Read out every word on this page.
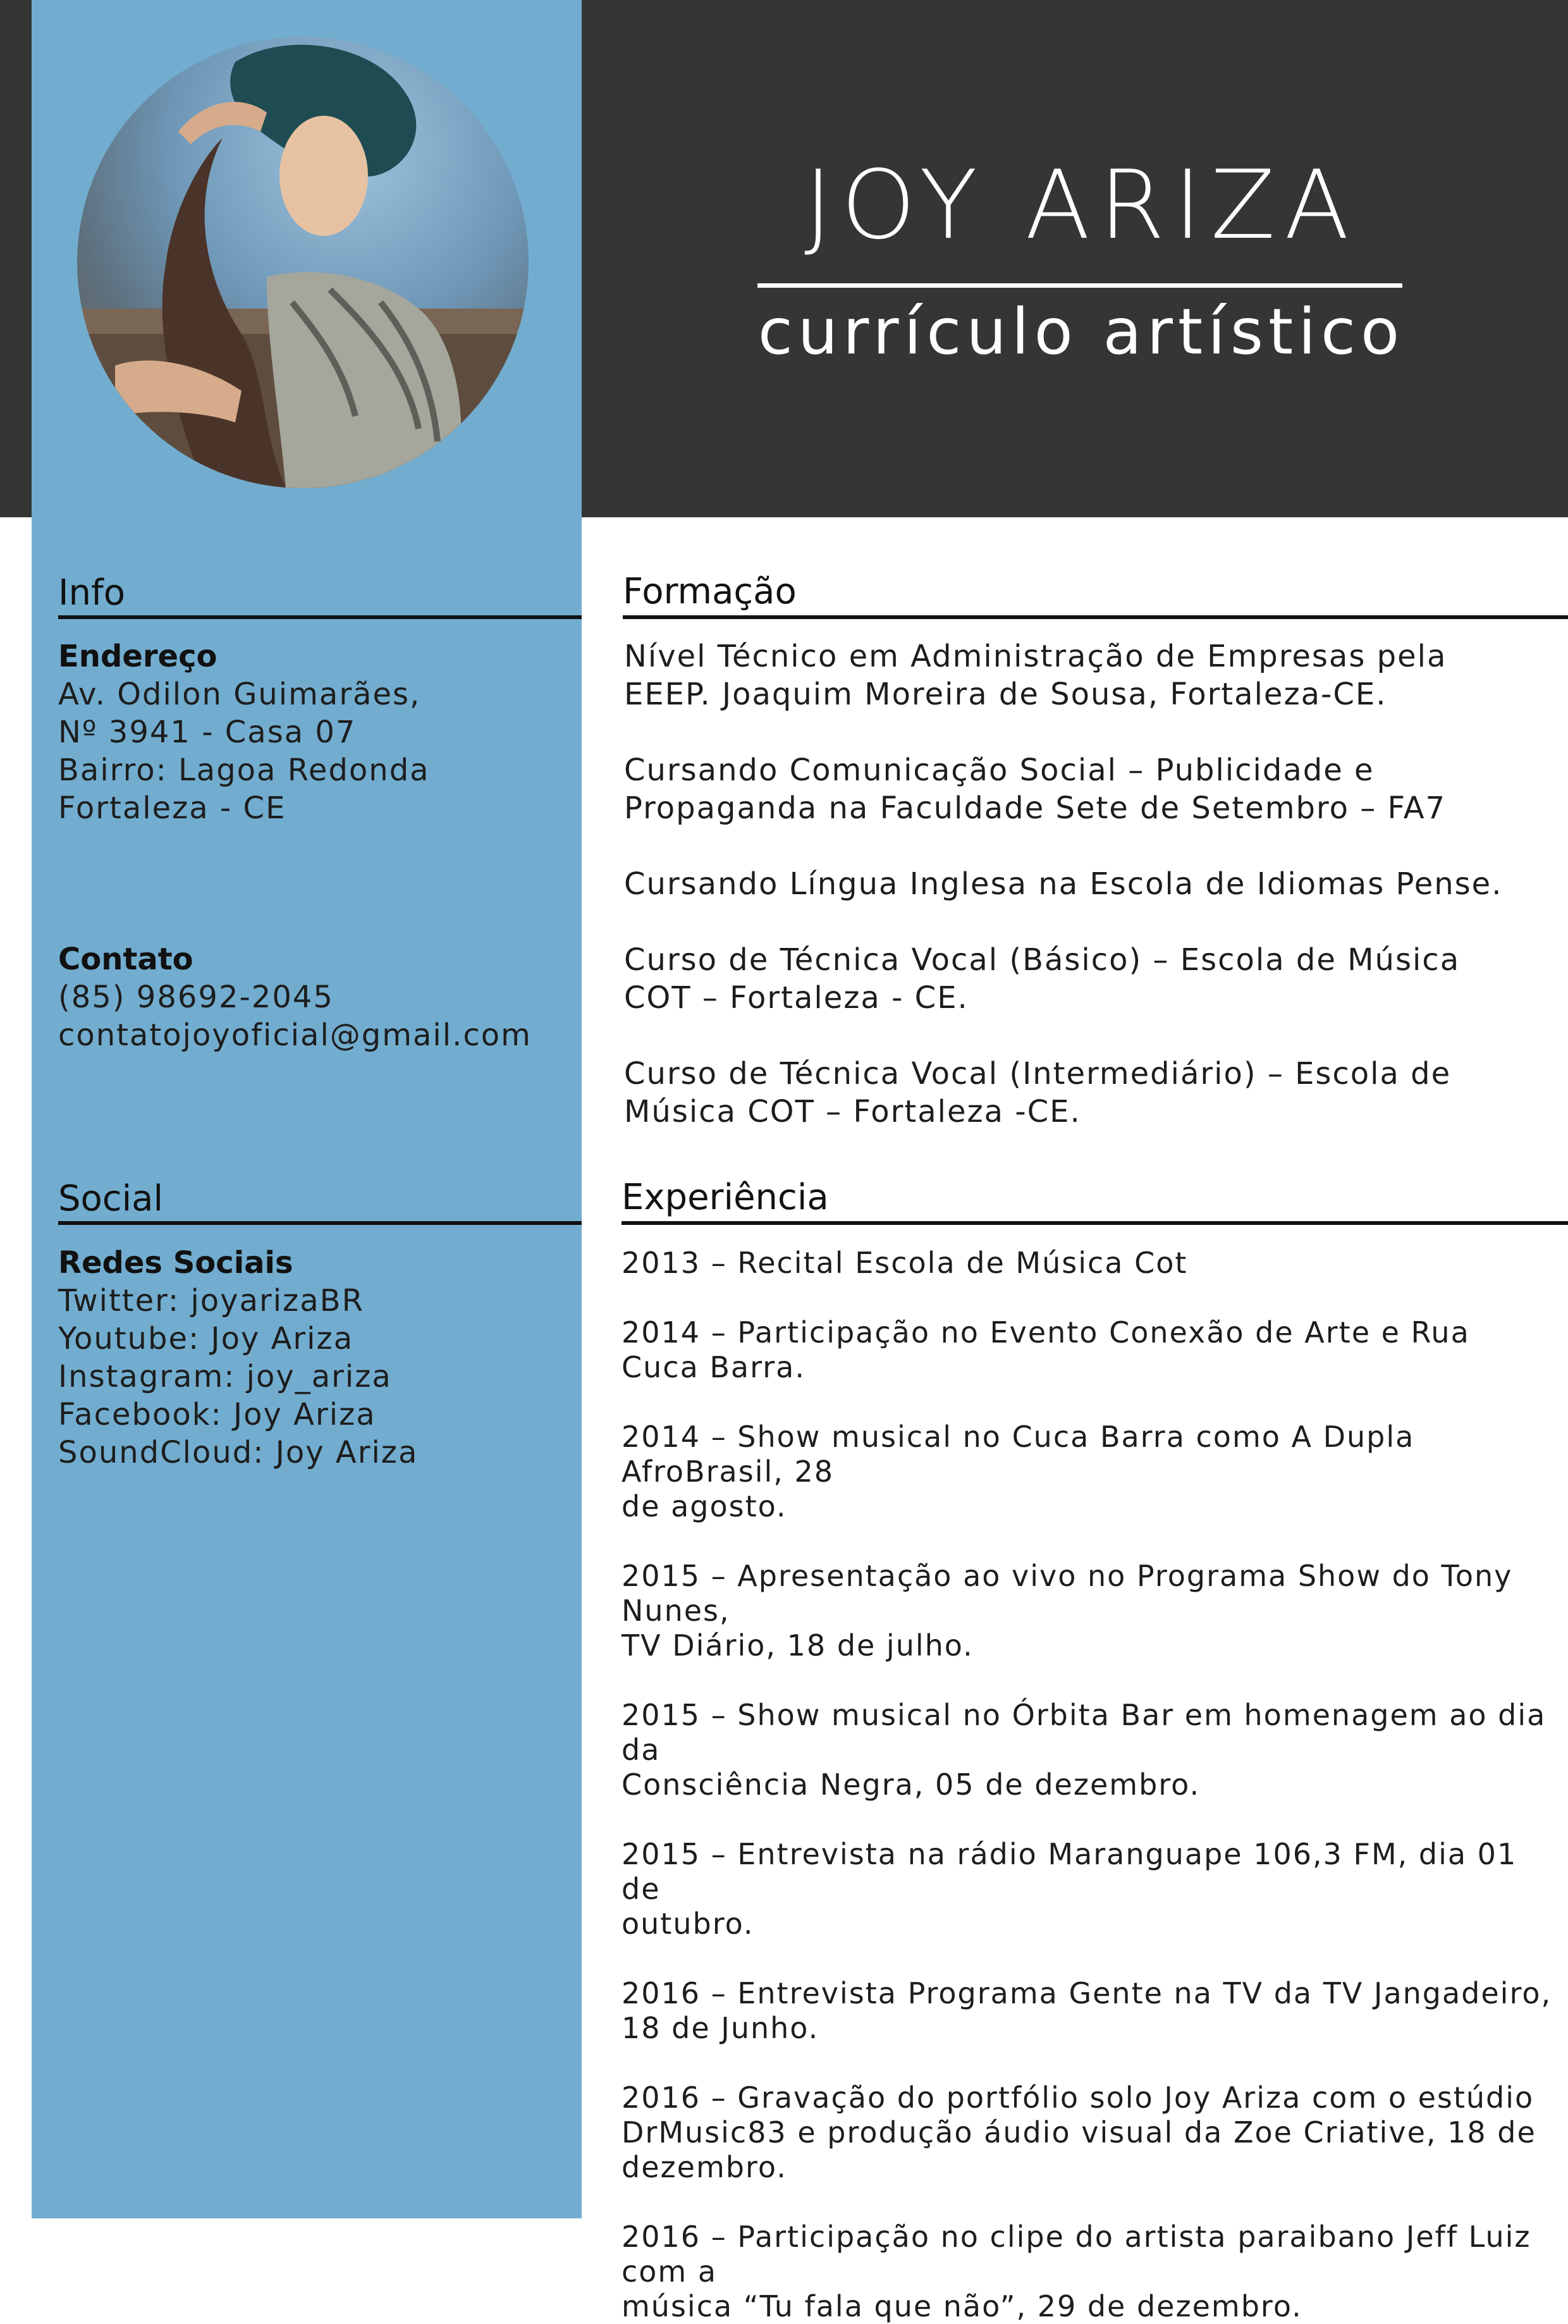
JOY ARIZA
currículo artístico
Info
Endereço
Av. Odilon Guimarães,
Nº 3941 - Casa 07
Bairro: Lagoa Redonda
Fortaleza - CE
Contato
(85) 98692-2045
contatojoyoficial@gmail.com
Social
Redes Sociais
Twitter: joyarizaBR
Youtube: Joy Ariza
Instagram: joy_ariza
Facebook: Joy Ariza
SoundCloud: Joy Ariza
Formação

Nível Técnico em Administração de Empresas pela
EEEP. Joaquim Moreira de Sousa, Fortaleza-CE.

Cursando Comunicação Social – Publicidade e
Propaganda na Faculdade Sete de Setembro – FA7

Cursando Língua Inglesa na Escola de Idiomas Pense.

Curso de Técnica Vocal (Básico) – Escola de Música
COT – Fortaleza - CE.

Curso de Técnica Vocal (Intermediário) – Escola de
Música COT – Fortaleza -CE.

Experiência

2013 – Recital Escola de Música Cot

2014 – Participação no Evento Conexão de Arte e Rua Cuca Barra.

2014 – Show musical no Cuca Barra como A Dupla AfroBrasil, 28
de agosto.

2015 – Apresentação ao vivo no Programa Show do Tony Nunes,
TV Diário, 18 de julho.

2015 – Show musical no Órbita Bar em homenagem ao dia da
Consciência Negra, 05 de dezembro.

2015 – Entrevista na rádio Maranguape 106,3 FM, dia 01 de
outubro.

2016 – Entrevista Programa Gente na TV da TV Jangadeiro,
18 de Junho.

2016 – Gravação do portfólio solo Joy Ariza com o estúdio
DrMusic83 e produção áudio visual da Zoe Criative, 18 de
dezembro.

2016 – Participação no clipe do artista paraibano Jeff Luiz com a
música “Tu fala que não”, 29 de dezembro.
